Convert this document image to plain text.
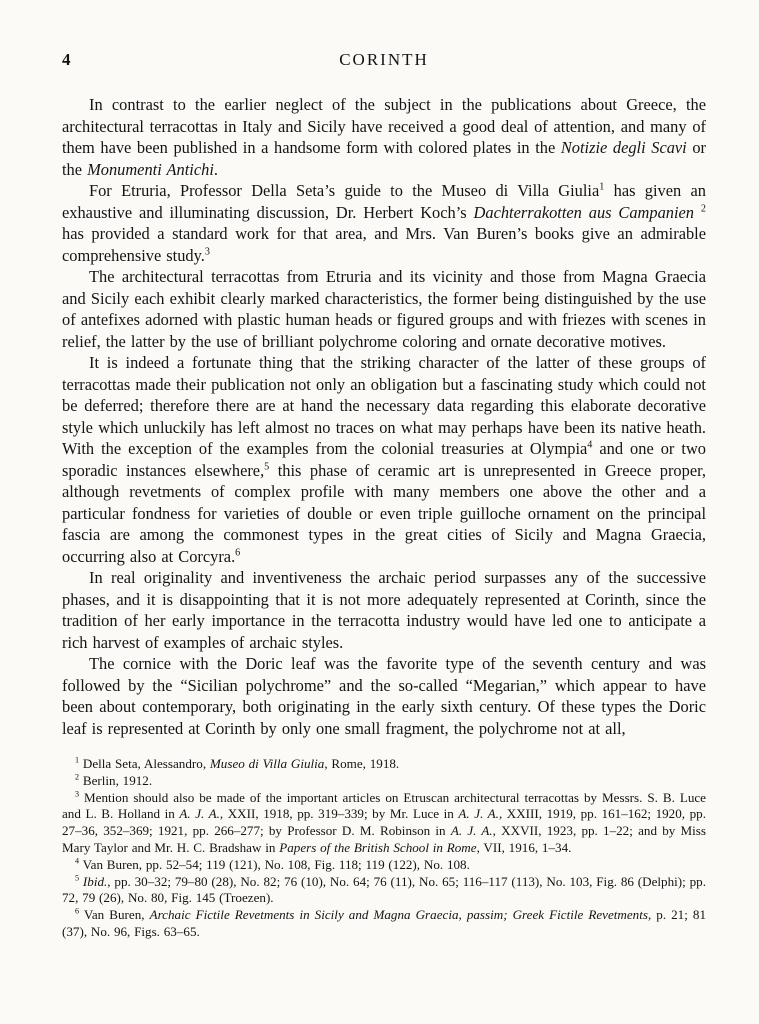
4	CORINTH

In contrast to the earlier neglect of the subject in the publications about Greece, the architectural terracottas in Italy and Sicily have received a good deal of attention, and many of them have been published in a handsome form with colored plates in the Notizie degli Scavi or the Monumenti Antichi.

For Etruria, Professor Della Seta’s guide to the Museo di Villa Giulia$^1$ has given an exhaustive and illuminating discussion, Dr. Herbert Koch’s Dachterrakotten aus Campanien $^2$ has provided a standard work for that area, and Mrs. Van Buren’s books give an admirable comprehensive study.$^3$

The architectural terracottas from Etruria and its vicinity and those from Magna Graecia and Sicily each exhibit clearly marked characteristics, the former being distinguished by the use of antefixes adorned with plastic human heads or figured groups and with friezes with scenes in relief, the latter by the use of brilliant polychrome coloring and ornate decorative motives.

It is indeed a fortunate thing that the striking character of the latter of these groups of terracottas made their publication not only an obligation but a fascinating study which could not be deferred; therefore there are at hand the necessary data regarding this elaborate decorative style which unluckily has left almost no traces on what may perhaps have been its native heath. With the exception of the examples from the colonial treasuries at Olympia$^4$ and one or two sporadic instances elsewhere,$^5$ this phase of ceramic art is unrepresented in Greece proper, although revetments of complex profile with many members one above the other and a particular fondness for varieties of double or even triple guilloche ornament on the principal fascia are among the commonest types in the great cities of Sicily and Magna Graecia, occurring also at Corcyra.$^6$

In real originality and inventiveness the archaic period surpasses any of the successive phases, and it is disappointing that it is not more adequately represented at Corinth, since the tradition of her early importance in the terracotta industry would have led one to anticipate a rich harvest of examples of archaic styles.

The cornice with the Doric leaf was the favorite type of the seventh century and was followed by the “Sicilian polychrome” and the so-called “Megarian,” which appear to have been about contemporary, both originating in the early sixth century. Of these types the Doric leaf is represented at Corinth by only one small fragment, the polychrome not at all,

$^1$ Della Seta, Alessandro, Museo di Villa Giulia, Rome, 1918.

$^2$ Berlin, 1912.

$^3$ Mention should also be made of the important articles on Etruscan architectural terracottas by Messrs. S. B. Luce and L. B. Holland in A. J. A., XXII, 1918, pp. 319–339; by Mr. Luce in A. J. A., XXIII, 1919, pp. 161–162; 1920, pp. 27–36, 352–369; 1921, pp. 266–277; by Professor D. M. Robinson in A. J. A., XXVII, 1923, pp. 1–22; and by Miss Mary Taylor and Mr. H. C. Bradshaw in Papers of the British School in Rome, VII, 1916, 1–34.

$^4$ Van Buren, pp. 52–54; 119 (121), No. 108, Fig. 118; 119 (122), No. 108.

$^5$ Ibid., pp. 30–32; 79–80 (28), No. 82; 76 (10), No. 64; 76 (11), No. 65; 116–117 (113), No. 103, Fig. 86 (Delphi); pp. 72, 79 (26), No. 80, Fig. 145 (Troezen).

$^6$ Van Buren, Archaic Fictile Revetments in Sicily and Magna Graecia, passim; Greek Fictile Revetments, p. 21; 81 (37), No. 96, Figs. 63–65.
